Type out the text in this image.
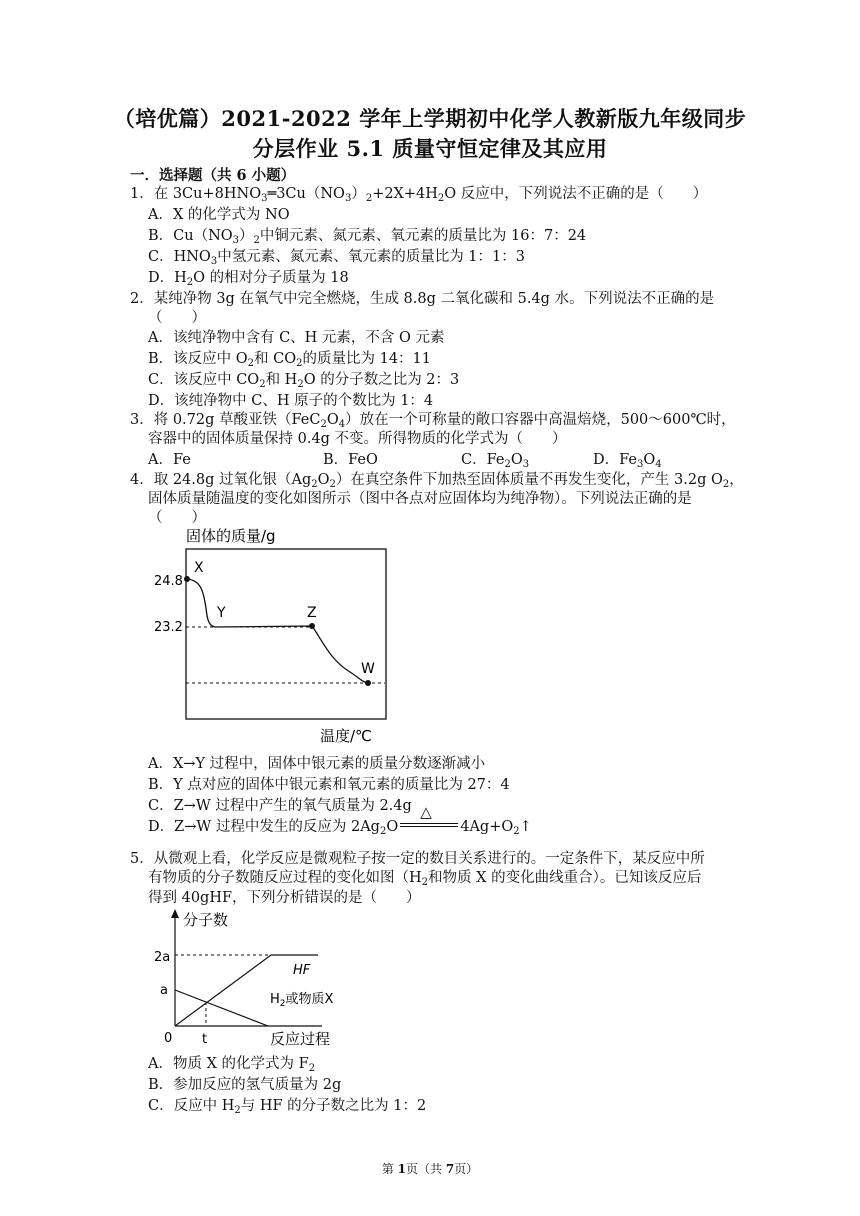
（培优篇）2021-2022 学年上学期初中化学人教新版九年级同步
分层作业 5.1 质量守恒定律及其应用
一．选择题（共 6 小题）
1．在 $3Cu+8HNO_3═3Cu(NO_3)_2+2X+4H_2O$ 反应中，下列说法不正确的是（　　）
A．X 的化学式为 NO
B．$Cu(NO_3)_2$中铜元素、氮元素、氧元素的质量比为 16：7：24
C．$HNO_3$中氢元素、氮元素、氧元素的质量比为 1：1：3
D．$H_2O$ 的相对分子质量为 18
2．某纯净物 3g 在氧气中完全燃烧，生成 8.8g 二氧化碳和 5.4g 水。下列说法不正确的是
（　　）
A．该纯净物中含有 C、H 元素，不含 O 元素
B．该反应中 $O_2$和 $CO_2$的质量比为 14：11
C．该反应中 $CO_2$和 $H_2O$ 的分子数之比为 2：3
D．该纯净物中 C、H 原子的个数比为 1：4
3．将 0.72g 草酸亚铁$(FeC_2O_4)$放在一个可称量的敞口容器中高温焙烧，500～600℃时，
容器中的固体质量保持 0.4g 不变。所得物质的化学式为（　　）
A．Fe	B．FeO	C．$Fe_2O_3$	D．$Fe_3O_4$
4．取 24.8g 过氧化银$(Ag_2O_2)$在真空条件下加热至固体质量不再发生变化，产生 3.2g $O_2$，
固体质量随温度的变化如图所示（图中各点对应固体均为纯净物）。下列说法正确的是
（　　）
固体的质量/g
24.8
23.2
X
Y	Z
W
温度/℃
A．X→Y 过程中，固体中银元素的质量分数逐渐减小
B．Y 点对应的固体中银元素和氧元素的质量比为 27：4
C．Z→W 过程中产生的氧气质量为 2.4g
D．Z→W 过程中发生的反应为 $2Ag_2O$
△
$4Ag+O_2↑$
5．从微观上看，化学反应是微观粒子按一定的数目关系进行的。一定条件下，某反应中所
有物质的分子数随反应过程的变化如图（$H_2$和物质 X 的变化曲线重合）。已知该反应后
得到 40gHF，下列分析错误的是（　　）
分子数
2a
a
0 t
HF
$H_2$或物质X
反应过程
A．物质 X 的化学式为 $F_2$
B．参加反应的氢气质量为 2g
C．反应中 $H_2$与 HF 的分子数之比为 1：2
第 1页（共 7页）
